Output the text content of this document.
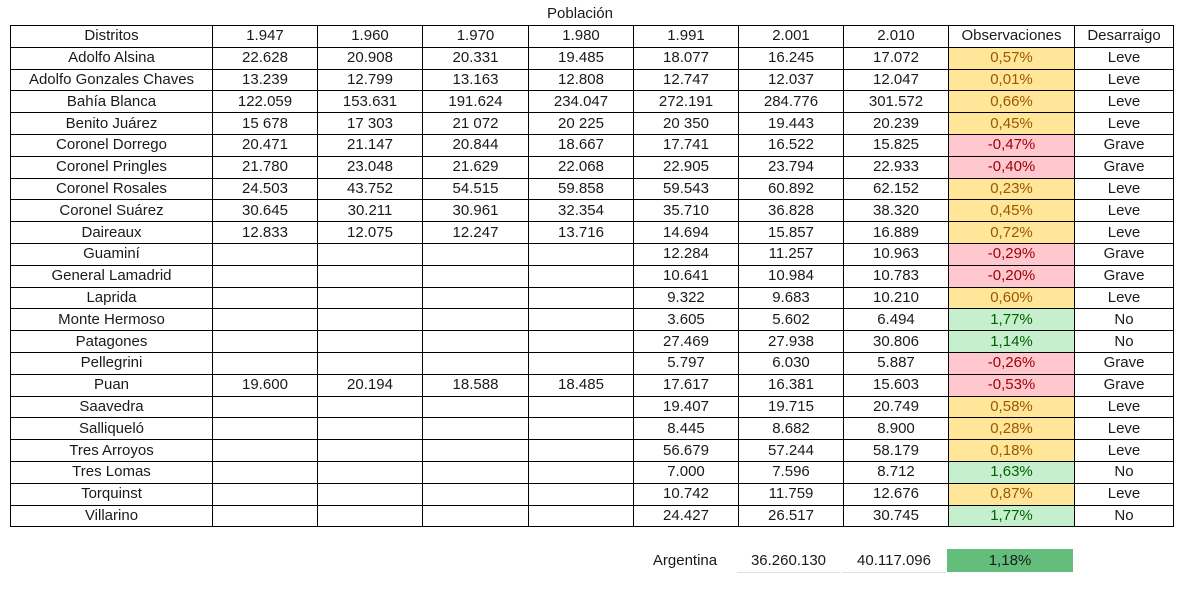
Población
Distritos	1.947	1.960	1.970	1.980	1.991	2.001	2.010	Observaciones	Desarraigo
Adolfo Alsina	22.628	20.908	20.331	19.485	18.077	16.245	17.072	0,57%	Leve
Adolfo Gonzales Chaves	13.239	12.799	13.163	12.808	12.747	12.037	12.047	0,01%	Leve
Bahía Blanca	122.059	153.631	191.624	234.047	272.191	284.776	301.572	0,66%	Leve
Benito Juárez	15 678	17 303	21 072	20 225	20 350	19.443	20.239	0,45%	Leve
Coronel Dorrego	20.471	21.147	20.844	18.667	17.741	16.522	15.825	-0,47%	Grave
Coronel Pringles	21.780	23.048	21.629	22.068	22.905	23.794	22.933	-0,40%	Grave
Coronel Rosales	24.503	43.752	54.515	59.858	59.543	60.892	62.152	0,23%	Leve
Coronel Suárez	30.645	30.211	30.961	32.354	35.710	36.828	38.320	0,45%	Leve
Daireaux	12.833	12.075	12.247	13.716	14.694	15.857	16.889	0,72%	Leve
Guaminí					12.284	11.257	10.963	-0,29%	Grave
General Lamadrid					10.641	10.984	10.783	-0,20%	Grave
Laprida					9.322	9.683	10.210	0,60%	Leve
Monte Hermoso					3.605	5.602	6.494	1,77%	No
Patagones					27.469	27.938	30.806	1,14%	No
Pellegrini					5.797	6.030	5.887	-0,26%	Grave
Puan	19.600	20.194	18.588	18.485	17.617	16.381	15.603	-0,53%	Grave
Saavedra					19.407	19.715	20.749	0,58%	Leve
Salliqueló					8.445	8.682	8.900	0,28%	Leve
Tres Arroyos					56.679	57.244	58.179	0,18%	Leve
Tres Lomas					7.000	7.596	8.712	1,63%	No
Torquinst					10.742	11.759	12.676	0,87%	Leve
Villarino					24.427	26.517	30.745	1,77%	No
Argentina	36.260.130	40.117.096	1,18%
